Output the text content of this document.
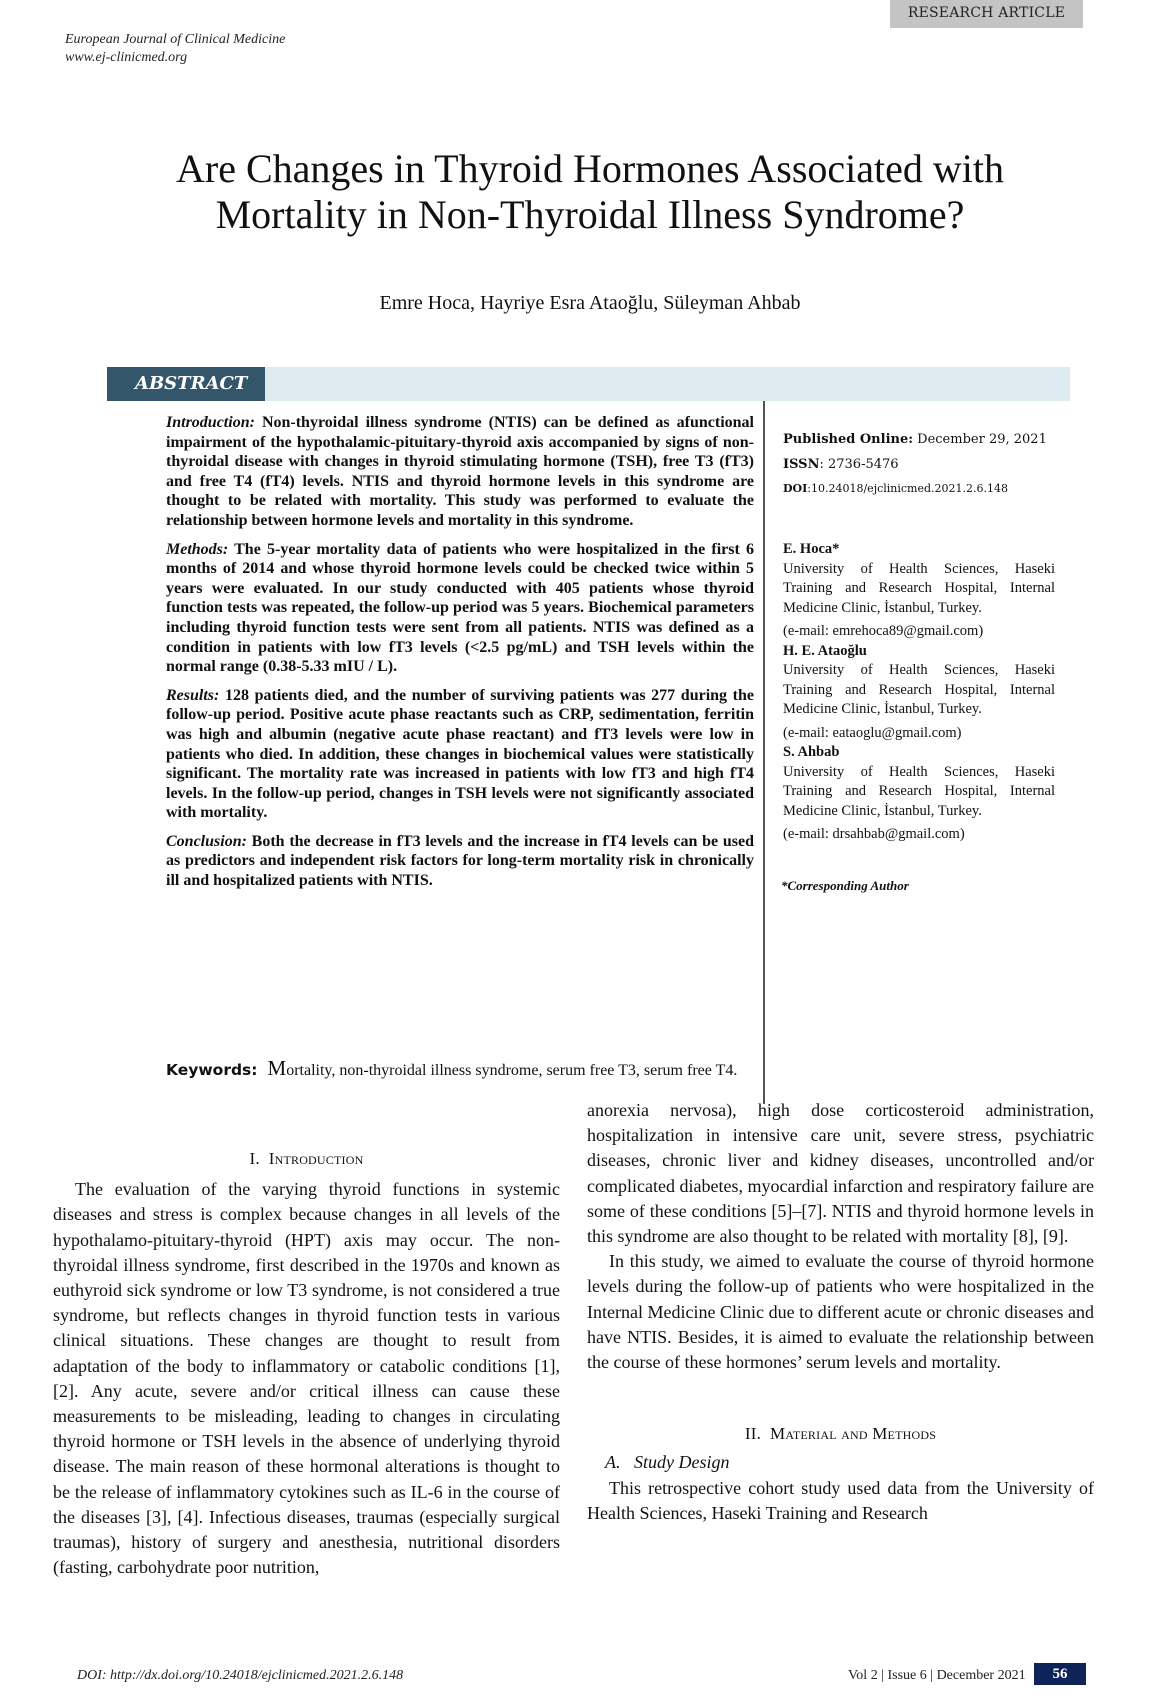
RESEARCH ARTICLE
European Journal of Clinical Medicine
www.ej-clinicmed.org
Are Changes in Thyroid Hormones Associated with
Mortality in Non-Thyroidal Illness Syndrome?
Emre Hoca, Hayriye Esra Ataoğlu, Süleyman Ahbab
ABSTRACT

Introduction: Non-thyroidal illness syndrome (NTIS) can be defined as afunctional impairment of the hypothalamic-pituitary-thyroid axis accompanied by signs of non-thyroidal disease with changes in thyroid stimulating hormone (TSH), free T3 (fT3) and free T4 (fT4) levels. NTIS and thyroid hormone levels in this syndrome are thought to be related with mortality. This study was performed to evaluate the relationship between hormone levels and mortality in this syndrome.

Methods: The 5-year mortality data of patients who were hospitalized in the first 6 months of 2014 and whose thyroid hormone levels could be checked twice within 5 years were evaluated. In our study conducted with 405 patients whose thyroid function tests was repeated, the follow-up period was 5 years. Biochemical parameters including thyroid function tests were sent from all patients. NTIS was defined as a condition in patients with low fT3 levels (<2.5 pg/mL) and TSH levels within the normal range (0.38-5.33 mIU / L).

Results: 128 patients died, and the number of surviving patients was 277 during the follow-up period. Positive acute phase reactants such as CRP, sedimentation, ferritin was high and albumin (negative acute phase reactant) and fT3 levels were low in patients who died. In addition, these changes in biochemical values were statistically significant. The mortality rate was increased in patients with low fT3 and high fT4 levels. In the follow-up period, changes in TSH levels were not significantly associated with mortality.

Conclusion: Both the decrease in fT3 levels and the increase in fT4 levels can be used as predictors and independent risk factors for long-term mortality risk in chronically ill and hospitalized patients with NTIS.

Keywords: Mortality, non-thyroidal illness syndrome, serum free T3, serum free T4.
Published Online: December 29, 2021
ISSN: 2736-5476
DOI:10.24018/ejclinicmed.2021.2.6.148
E. Hoca*
University of Health Sciences, Haseki Training and Research Hospital, Internal Medicine Clinic, İstanbul, Turkey.
(e-mail: emrehoca89@gmail.com)
H. E. Ataoğlu
University of Health Sciences, Haseki Training and Research Hospital, Internal Medicine Clinic, İstanbul, Turkey.
(e-mail: eataoglu@gmail.com)
S. Ahbab
University of Health Sciences, Haseki Training and Research Hospital, Internal Medicine Clinic, İstanbul, Turkey.
(e-mail: drsahbab@gmail.com)
*Corresponding Author
I. Introduction

The evaluation of the varying thyroid functions in systemic diseases and stress is complex because changes in all levels of the hypothalamo-pituitary-thyroid (HPT) axis may occur. The non-thyroidal illness syndrome, first described in the 1970s and known as euthyroid sick syndrome or low T3 syndrome, is not considered a true syndrome, but reflects changes in thyroid function tests in various clinical situations. These changes are thought to result from adaptation of the body to inflammatory or catabolic conditions [1], [2]. Any acute, severe and/or critical illness can cause these measurements to be misleading, leading to changes in circulating thyroid hormone or TSH levels in the absence of underlying thyroid disease. The main reason of these hormonal alterations is thought to be the release of inflammatory cytokines such as IL-6 in the course of the diseases [3], [4]. Infectious diseases, traumas (especially surgical traumas), history of surgery and anesthesia, nutritional disorders (fasting, carbohydrate poor nutrition,

anorexia nervosa), high dose corticosteroid administration, hospitalization in intensive care unit, severe stress, psychiatric diseases, chronic liver and kidney diseases, uncontrolled and/or complicated diabetes, myocardial infarction and respiratory failure are some of these conditions [5]–[7]. NTIS and thyroid hormone levels in this syndrome are also thought to be related with mortality [8], [9].

In this study, we aimed to evaluate the course of thyroid hormone levels during the follow-up of patients who were hospitalized in the Internal Medicine Clinic due to different acute or chronic diseases and have NTIS. Besides, it is aimed to evaluate the relationship between the course of these hormones’ serum levels and mortality.

II. Material and Methods
A. Study Design

This retrospective cohort study used data from the University of Health Sciences, Haseki Training and Research

DOI: http://dx.doi.org/10.24018/ejclinicmed.2021.2.6.148	Vol 2 | Issue 6 | December 2021	56
